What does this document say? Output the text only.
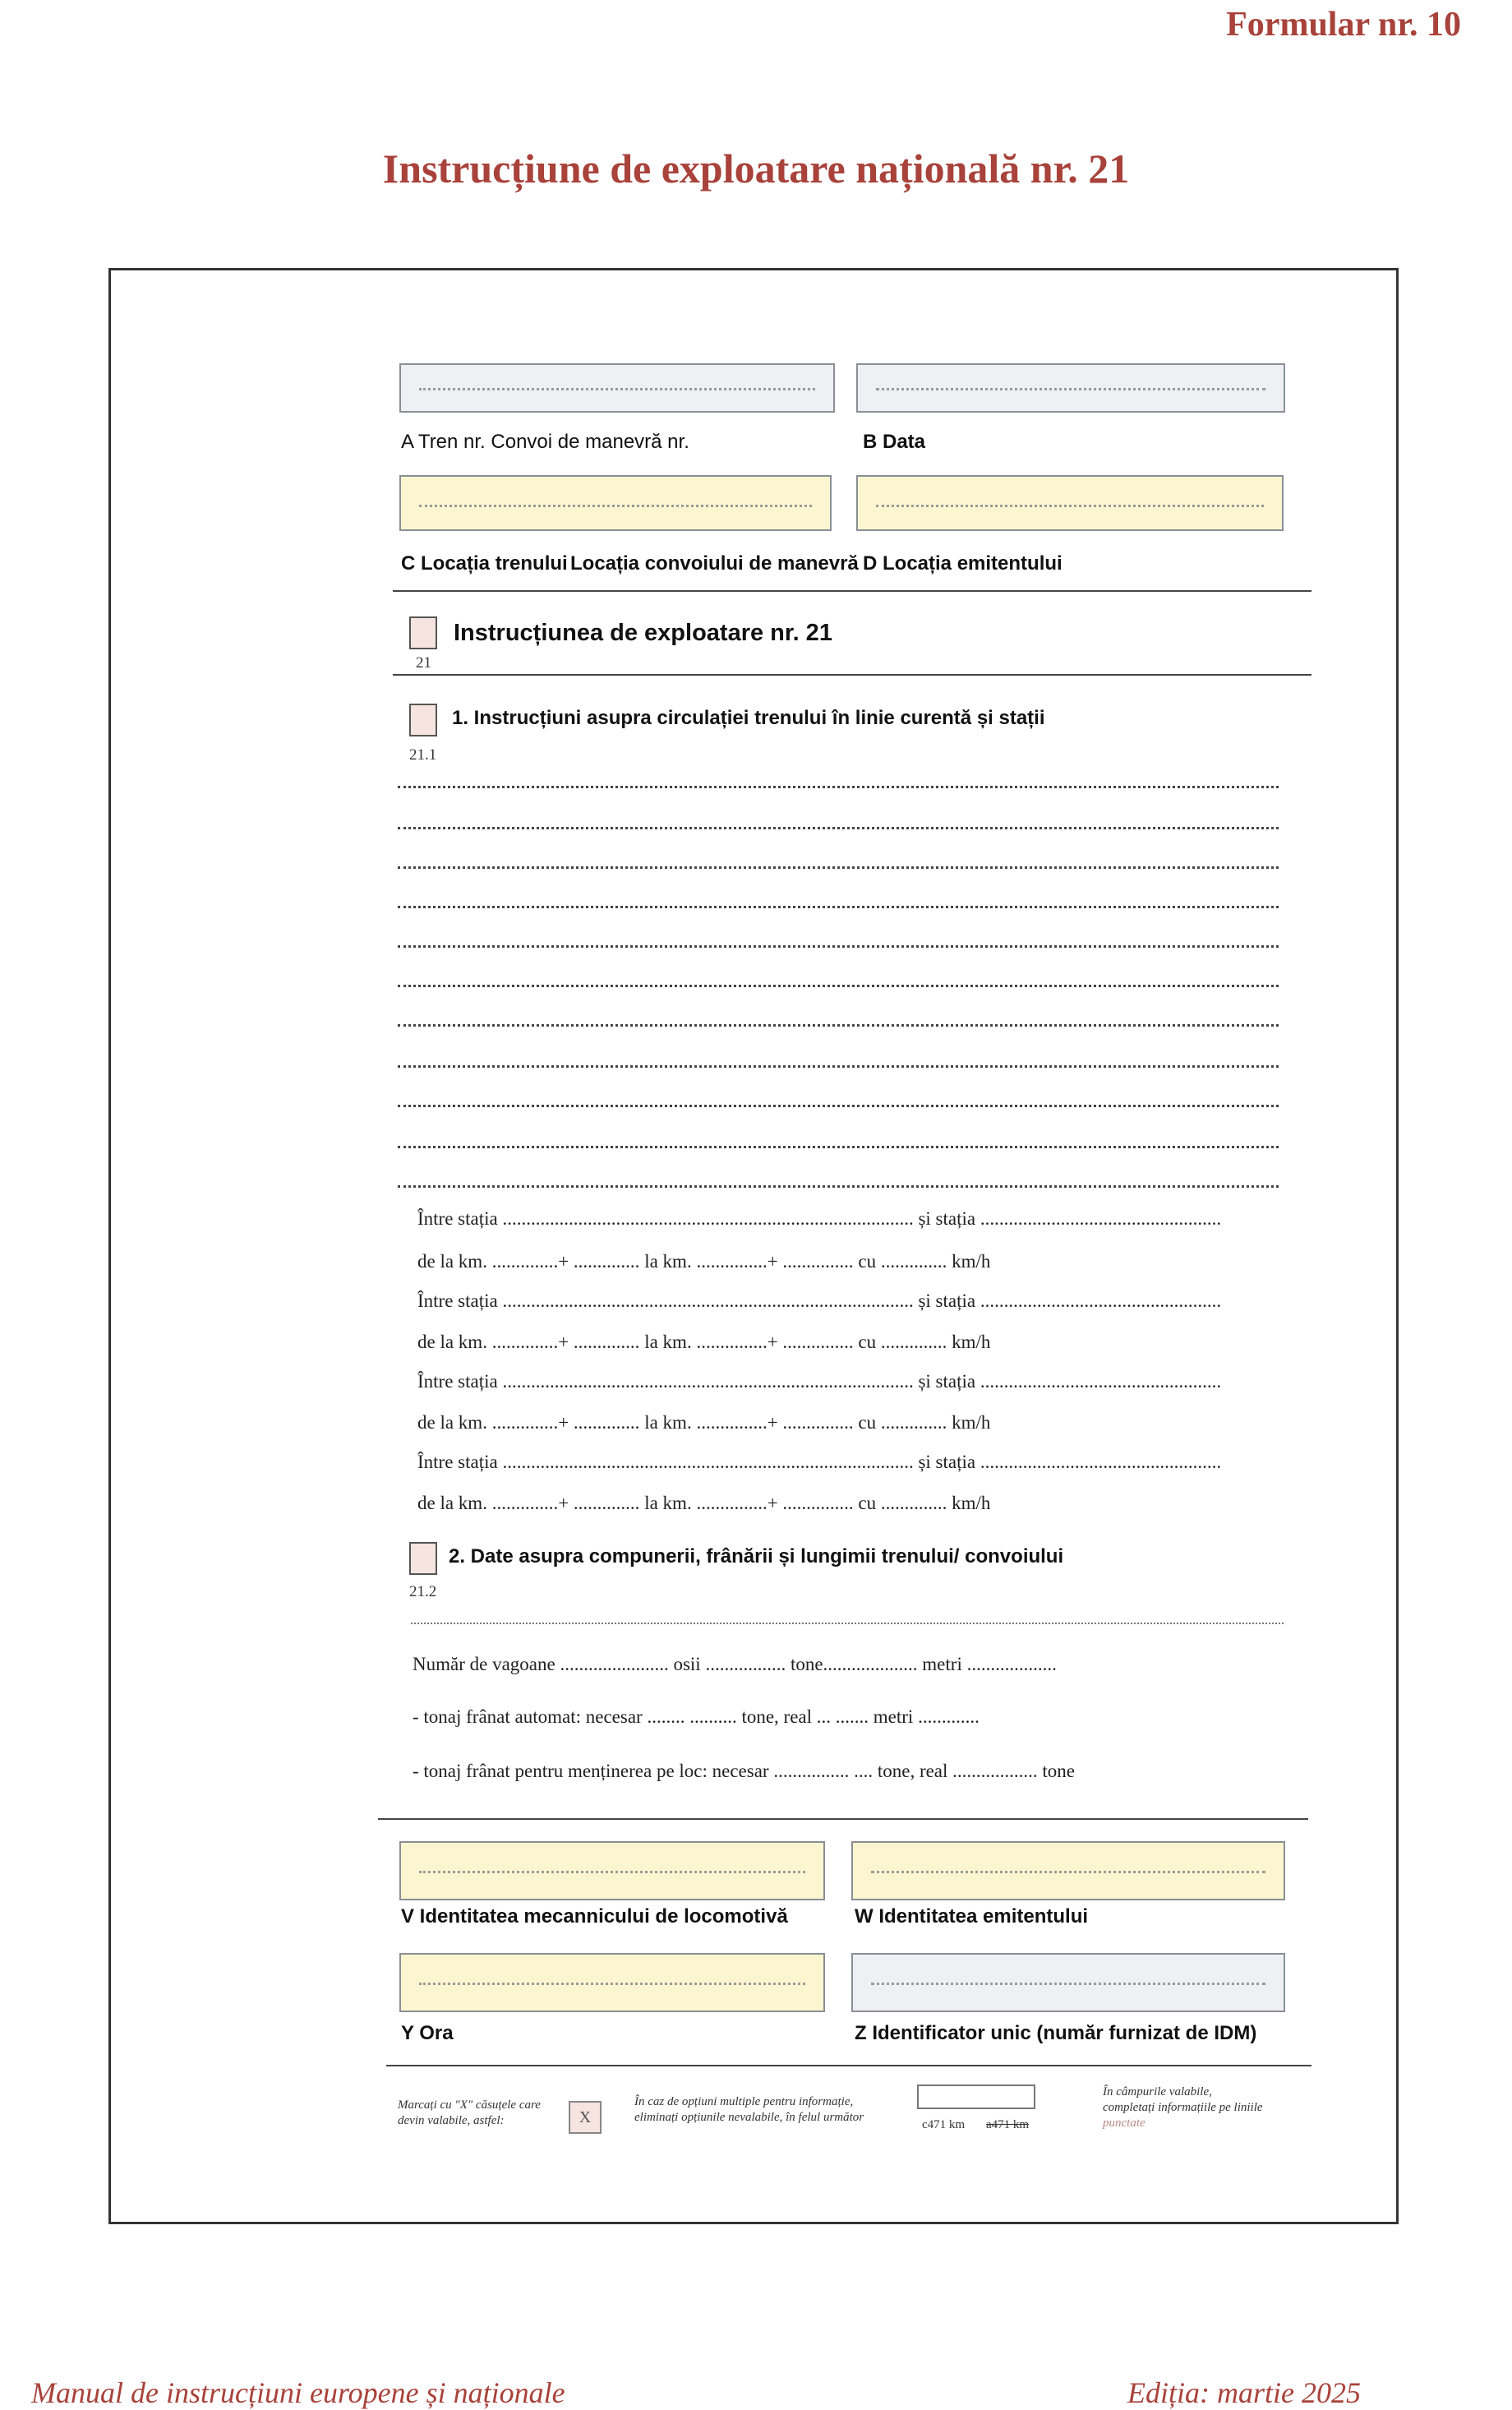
Formular nr. 10
Instrucțiune de exploatare națională nr. 21
A Tren nr. Convoi de manevră nr.	B Data
C Locația trenului Locația convoiului de manevră D Locația emitentului
Instrucțiunea de exploatare nr. 21
21
1. Instrucțiuni asupra circulației trenului în linie curentă și stații
21.1
Între stația ....................................................................................... și stația ...................................................
de la km. ..............+ .............. la km. ...............+ ............... cu .............. km/h
Între stația ....................................................................................... și stația ...................................................
de la km. ..............+ .............. la km. ...............+ ............... cu .............. km/h
Între stația ....................................................................................... și stația ...................................................
de la km. ..............+ .............. la km. ...............+ ............... cu .............. km/h
Între stația ....................................................................................... și stația ...................................................
de la km. ..............+ .............. la km. ...............+ ............... cu .............. km/h
2. Date asupra compunerii, frânării și lungimii trenului/ convoiului
21.2
Număr de vagoane ....................... osii ................. tone.................... metri ...................
- tonaj frânat automat: necesar ........ .......... tone, real ... ....... metri .............
- tonaj frânat pentru menținerea pe loc: necesar ................ .... tone, real .................. tone
V Identitatea mecannicului de locomotivă	W Identitatea emitentului
Y Ora	Z Identificator unic (număr furnizat de IDM)
Marcați cu "X" căsuțele care
devin valabile, astfel:	X
În caz de opțiuni multiple pentru informație,
eliminați opțiunile nevalabile, în felul următor
c471 km a471 km
În câmpurile valabile,
completați informațiile pe liniile
punctate
Manual de instrucțiuni europene și naționale	Ediția: martie 2025
